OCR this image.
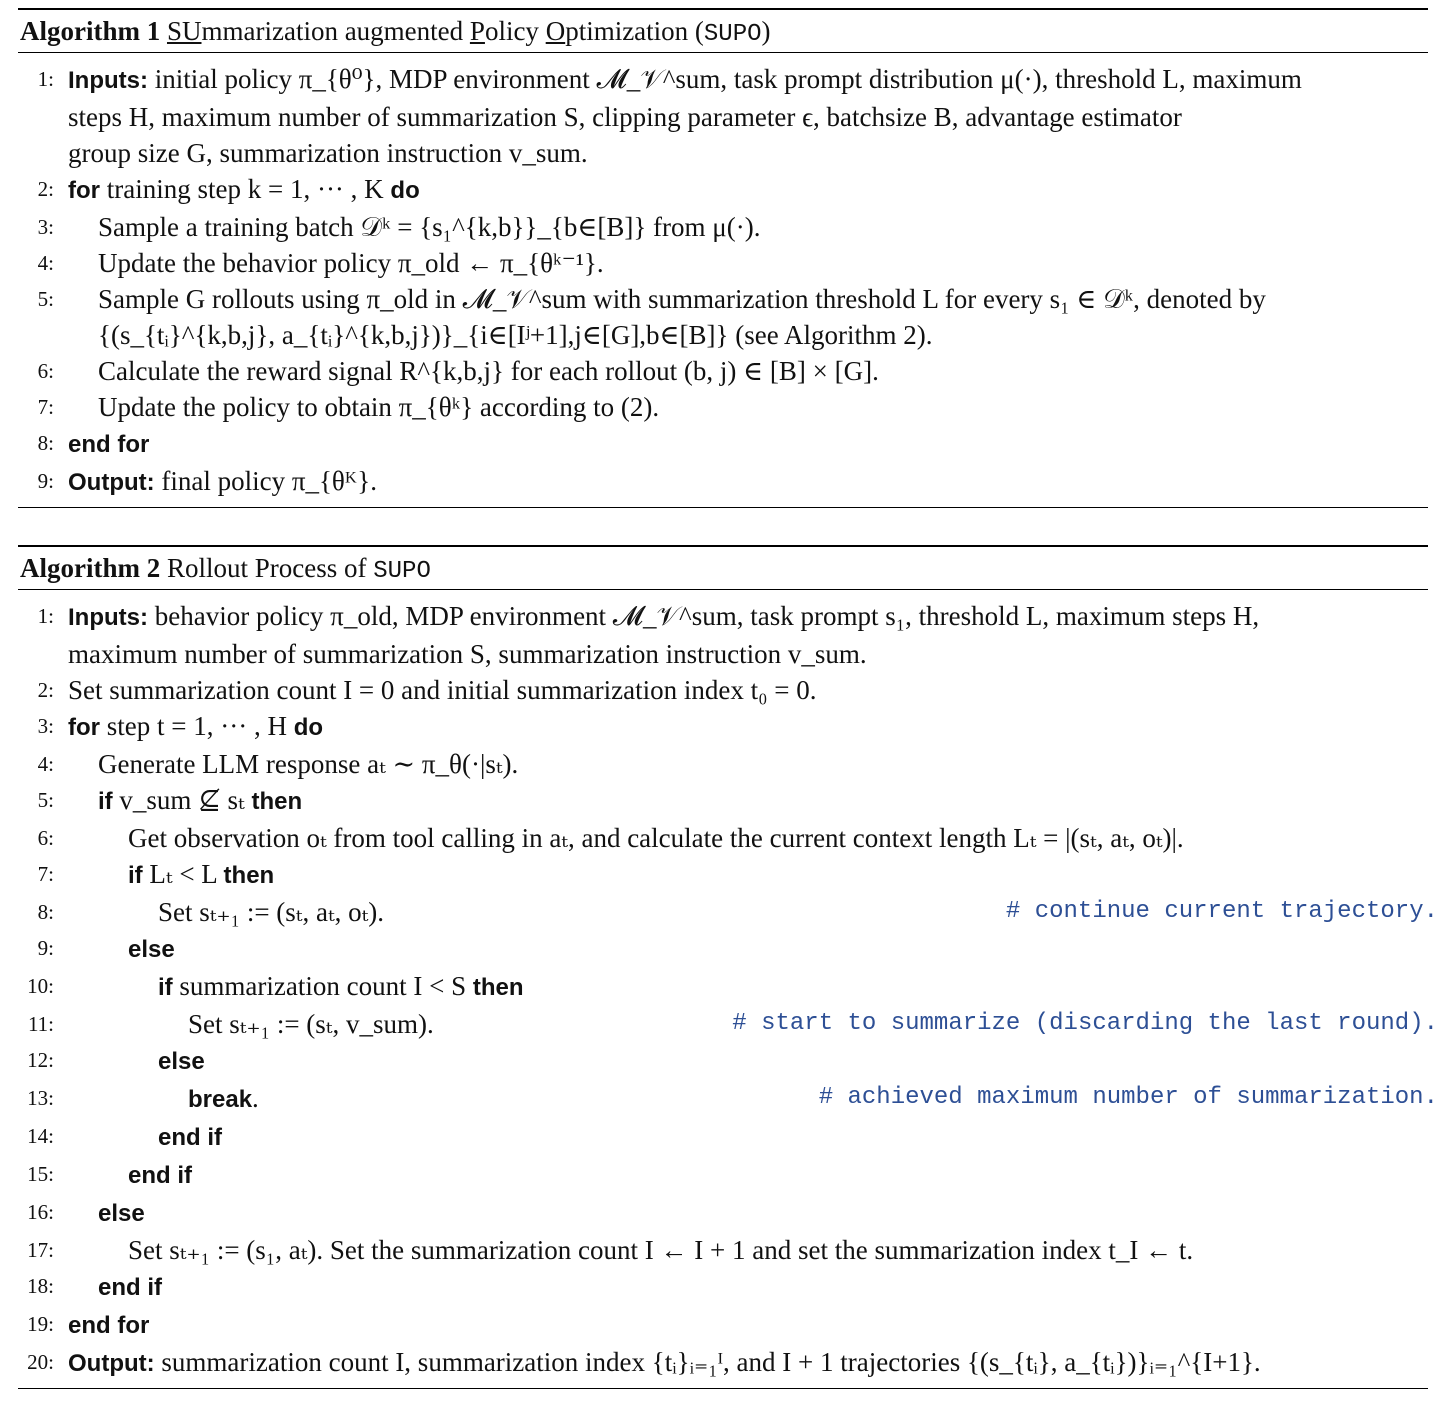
Algorithm 1 SUmmarization augmented Policy Optimization (SUPO)
1: Inputs: initial policy π_{θ⁰}, MDP environment 𝓜_𝒱^sum, task prompt distribution μ(·), threshold L, maximum
steps H, maximum number of summarization S, clipping parameter ϵ, batchsize B, advantage estimator
group size G, summarization instruction v_sum.
2: for training step k = 1, ··· , K do
3: Sample a training batch 𝒟ᵏ = {s₁^{k,b}}_{b∈[B]} from μ(·).
4: Update the behavior policy π_old ← π_{θᵏ⁻¹}.
5: Sample G rollouts using π_old in 𝓜_𝒱^sum with summarization threshold L for every s₁ ∈ 𝒟ᵏ, denoted by
{(s_{tᵢ}^{k,b,j}, a_{tᵢ}^{k,b,j})}_{i∈[Iʲ+1],j∈[G],b∈[B]} (see Algorithm 2).
6: Calculate the reward signal R^{k,b,j} for each rollout (b, j) ∈ [B] × [G].
7: Update the policy to obtain π_{θᵏ} according to (2).
8: end for
9: Output: final policy π_{θᴷ}.
Algorithm 2 Rollout Process of SUPO
1: Inputs: behavior policy π_old, MDP environment 𝓜_𝒱^sum, task prompt s₁, threshold L, maximum steps H,
maximum number of summarization S, summarization instruction v_sum.
2: Set summarization count I = 0 and initial summarization index t₀ = 0.
3: for step t = 1, ··· , H do
4: Generate LLM response aₜ ∼ π_θ(·|sₜ).
5: if v_sum ⊈ sₜ then
6:	Get observation oₜ from tool calling in aₜ, and calculate the current context length Lₜ = |(sₜ, aₜ, oₜ)|.
7:	if Lₜ < L then
8:	Set sₜ₊₁ := (sₜ, aₜ, oₜ).	# continue current trajectory.
9:	else
10:	if summarization count I < S then
11:	Set sₜ₊₁ := (sₜ, v_sum).	# start to summarize (discarding the last round).
12:	else
13:	break.	# achieved maximum number of summarization.
14:	end if
15:	end if
16: else
17:	Set sₜ₊₁ := (s₁, aₜ). Set the summarization count I ← I + 1 and set the summarization index t_I ← t.
18: end if
19: end for
20: Output: summarization count I, summarization index {tᵢ}ᵢ₌₁ᴵ, and I + 1 trajectories {(s_{tᵢ}, a_{tᵢ})}ᵢ₌₁^{I+1}.
